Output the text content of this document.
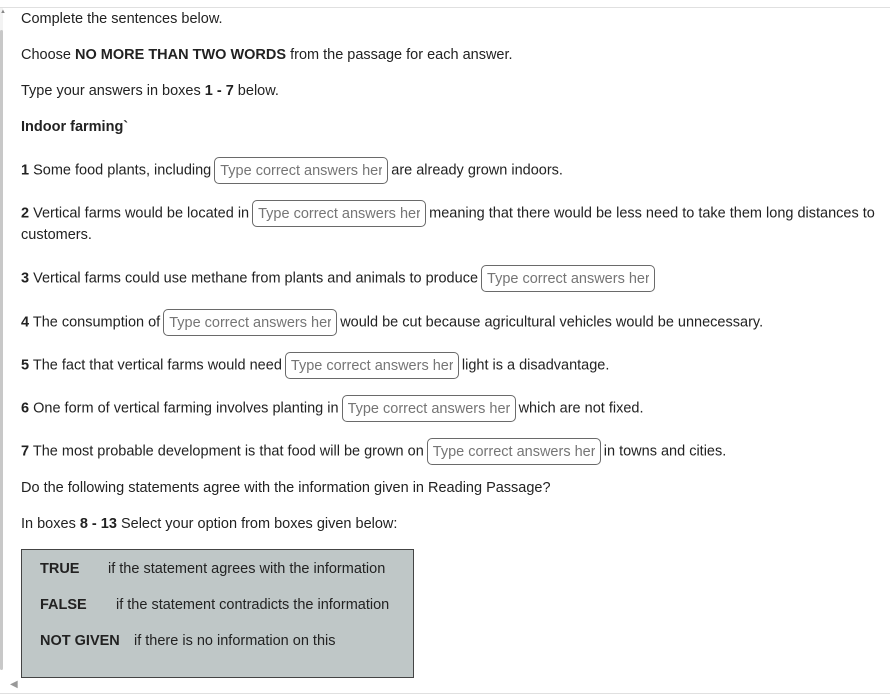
▲
◀
Complete the sentences below.
Choose NO MORE THAN TWO WORDS from the passage for each answer.
Type your answers in boxes 1 - 7 below.
Indoor farming`
1 Some food plants, includingType correct answers here	are already grown indoors.
2 Vertical farms would be located inType correct answers here	meaning that there would be less need to take them long distances to
customers.
3 Vertical farms could use methane from plants and animals to produceType correct answers here
4 The consumption ofType correct answers here	would be cut because agricultural vehicles would be unnecessary.
5 The fact that vertical farms would needType correct answers here	light is a disadvantage.
6 One form of vertical farming involves planting inType correct answers here	which are not fixed.
7 The most probable development is that food will be grown onType correct answers here	in towns and cities.
Do the following statements agree with the information given in Reading Passage?
In boxes 8 - 13 Select your option from boxes given below:
TRUE if the statement agrees with the information
FALSE if the statement contradicts the information
NOT GIVEN if there is no information on this
